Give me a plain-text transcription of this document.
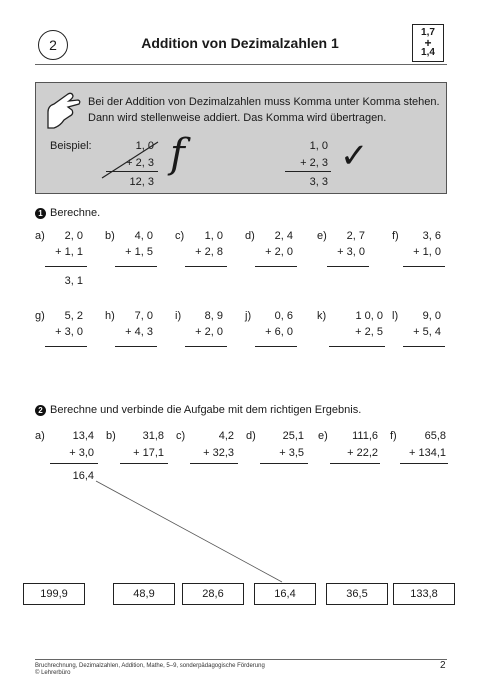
2	Addition von Dezimalzahlen 1
1,7
+
1,4
Bei der Addition von Dezimalzahlen muss Komma unter Komma stehen. Dann wird stellenweise addiert. Das Komma wird übertragen.
Beispiel:	1, 0
+ 2, 3
12, 3
f	1, 0
+ 2, 3
3, 3
✓
1 Berechne.
a)	2, 0
+ 1, 1
3, 1
b)	4, 0
+ 1, 5
c)	1, 0
+ 2, 8
d)	2, 4
+ 2, 0
e)	2, 7
+ 3, 0
f)	3, 6
+ 1, 0
g)	5, 2
+ 3, 0
h)	7, 0
+ 4, 3
i)	8, 9
+ 2, 0
j)	0, 6
+ 6, 0
k)	1 0, 0
+ 2, 5
l)	9, 0
+ 5, 4
2 Berechne und verbinde die Aufgabe mit dem richtigen Ergebnis.
a)	13,4
+ 3,0
16,4
b)	31,8
+ 17,1
c)	4,2
+ 32,3
d)	25,1
+ 3,5
e)	111,6
+ 22,2
f)	65,8
+ 134,1
199,9	48,9	28,6	16,4	36,5	133,8
Bruchrechnung, Dezimalzahlen, Addition, Mathe, 5–9, sonderpädagogische Förderung
© Lehrerbüro
2
